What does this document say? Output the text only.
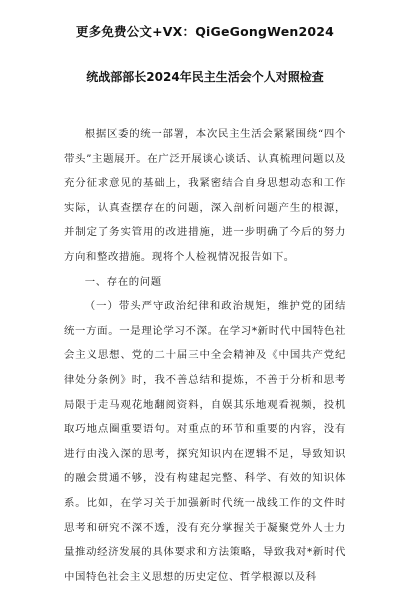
更多免费公文+VX：QiGeGongWen2024
统战部部长2024年民主生活会个人对照检查

根据区委的统一部署，本次民主生活会紧紧围绕“四个带头”主题展开。在广泛开展谈心谈话、认真梳理问题以及充分征求意见的基础上，我紧密结合自身思想动态和工作实际，认真查摆存在的问题，深入剖析问题产生的根源，并制定了务实管用的改进措施，进一步明确了今后的努力方向和整改措施。现将个人检视情况报告如下。

一、存在的问题

（一）带头严守政治纪律和政治规矩，维护党的团结统一方面。一是理论学习不深。在学习*新时代中国特色社会主义思想、党的二十届三中全会精神及《中国共产党纪律处分条例》时，我不善总结和提炼，不善于分析和思考局限于走马观花地翻阅资料，自娱其乐地观看视频，投机取巧地点圈重要语句。对重点的环节和重要的内容，没有进行由浅入深的思考，探究知识内在逻辑不足，导致知识的融会贯通不够，没有构建起完整、科学、有效的知识体系。比如，在学习关于加强新时代统一战线工作的文件时思考和研究不深不透，没有充分掌握关于凝聚党外人士力量推动经济发展的具体要求和方法策略，导致我对*新时代中国特色社会主义思想的历史定位、哲学根源以及科
